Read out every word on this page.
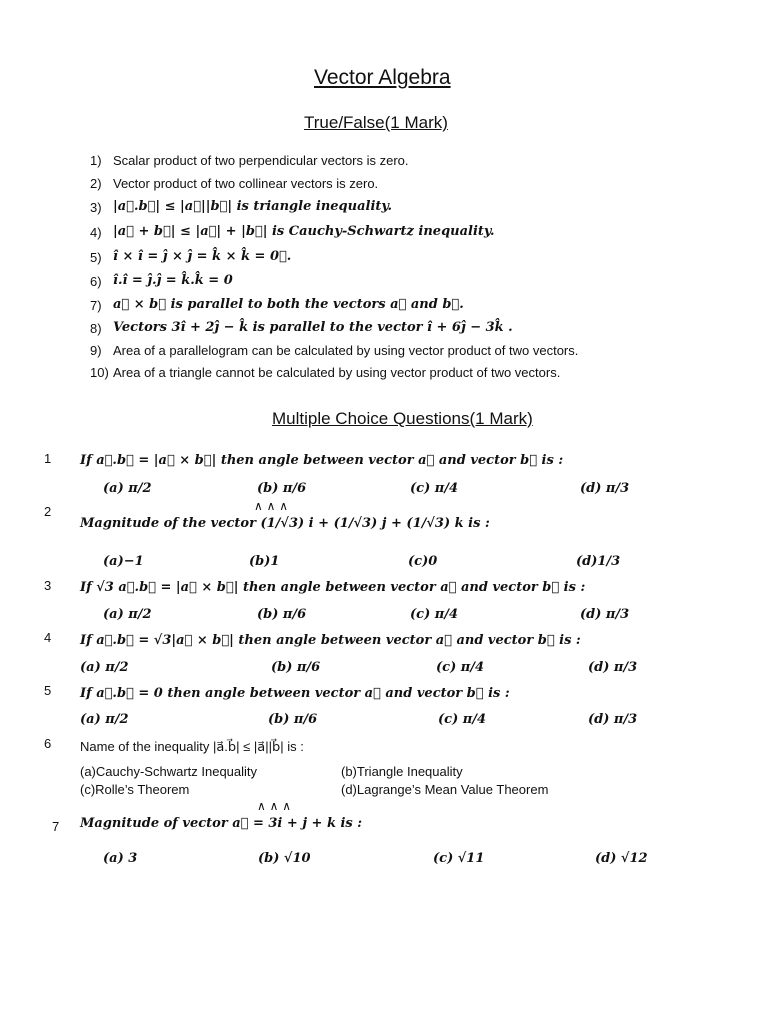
Vector Algebra
True/False(1 Mark)
1) Scalar product of two perpendicular vectors is zero.
2) Vector product of two collinear vectors is zero.
3) |a⃗.b⃗| ≤ |a⃗||b⃗| is triangle inequality.
4) |a⃗ + b⃗| ≤ |a⃗| + |b⃗| is Cauchy-Schwartz inequality.
5) î × î = ĵ × ĵ = k̂ × k̂ = 0⃗.
6) î.î = ĵ.ĵ = k̂.k̂ = 0
7) a⃗ × b⃗ is parallel to both the vectors a⃗ and b⃗.
8) Vectors 3î + 2ĵ − k̂ is parallel to the vector î + 6ĵ − 3k̂ .
9) Area of a parallelogram can be calculated by using vector product of two vectors.
10) Area of a triangle cannot be calculated by using vector product of two vectors.
Multiple Choice Questions(1 Mark)
1 If a⃗.b⃗ = |a⃗ × b⃗| then angle between vector a⃗ and vector b⃗ is :
(a) π/2	(b) π/6	(c) π/4	(d) π/3
∧ ∧ ∧
2
Magnitude of the vector (1/√3) i + (1/√3) j + (1/√3) k is :
(a)−1	(b)1	(c)0	(d)1/3
3 If √3 a⃗.b⃗ = |a⃗ × b⃗| then angle between vector a⃗ and vector b⃗ is :
(a) π/2	(b) π/6	(c) π/4	(d) π/3
4 If a⃗.b⃗ = √3|a⃗ × b⃗| then angle between vector a⃗ and vector b⃗ is :
(a) π/2	(b) π/6	(c) π/4	(d) π/3
5 If a⃗.b⃗ = 0 then angle between vector a⃗ and vector b⃗ is :
(a) π/2	(b) π/6	(c) π/4	(d) π/3
6 Name of the inequality |a⃗.b⃗| ≤ |a⃗||b⃗| is :
(a)Cauchy-Schwartz Inequality	(b)Triangle Inequality
(c)Rolle’s Theorem	(d)Lagrange’s Mean Value Theorem
∧ ∧ ∧
7 Magnitude of vector a⃗ = 3i + j + k is :
(a) 3	(b) √10	(c) √11	(d) √12
